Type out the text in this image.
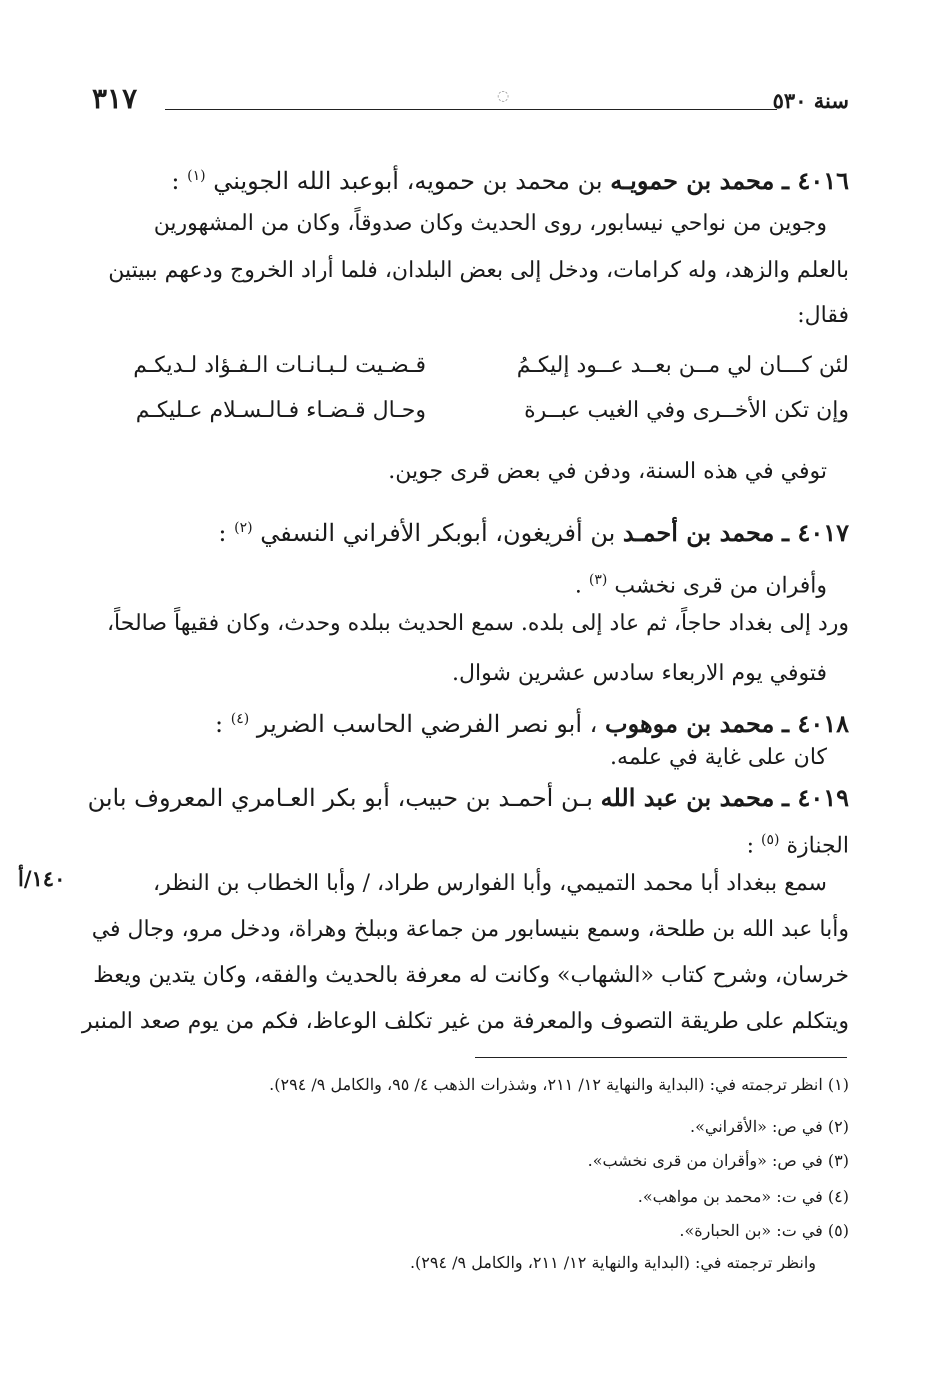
٣١٧	◌	سنة ٥٣٠
٤٠١٦ ـ محمد بن حمويـه بن محمد بن حمويه، أبوعبد الله الجويني $^{(١)}$ :
وجوين من نواحي نيسابور، روى الحديث وكان صدوقاً، وكان من المشهورين
بالعلم والزهد، وله كرامات، ودخل إلى بعض البلدان، فلما أراد الخروج ودعهم ببيتين
فقال:
لئن كـــان لي مــن بعــد عــود إليكـمُ
قـضـيت لـبـانـات الـفـؤاد لـديكـم
وإن تكن الأخــرى وفي الغيب عبــرة
وحـال قـضـاء فـالـسـلام عـليكـم
توفي في هذه السنة، ودفن في بعض قرى جوين.
٤٠١٧ ـ محمد بن أحمـد بن أفريغون، أبوبكر الأفراني النسفي $^{(٢)}$ :
وأفران من قرى نخشب $^{(٣)}$ .
ورد إلى بغداد حاجاً، ثم عاد إلى بلده. سمع الحديث ببلده وحدث، وكان فقيهاً صالحاً،
فتوفي يوم الاربعاء سادس عشرين شوال.
٤٠١٨ ـ محمد بن موهوب ، أبو نصر الفرضي الحاسب الضرير $^{(٤)}$ :
كان على غاية في علمه.
٤٠١٩ ـ محمد بن عبد الله بـن أحمـد بن حبيب، أبو بكر العـامري المعروف بابن
الجنازة $^{(٥)}$ :
١٤٠/أ	سمع ببغداد أبا محمد التميمي، وأبا الفوارس طراد، / وأبا الخطاب بن النظر،
وأبا عبد الله بن طلحة، وسمع بنيسابور من جماعة وببلخ وهراة، ودخل مرو، وجال في
خرسان، وشرح كتاب «الشهاب» وكانت له معرفة بالحديث والفقه، وكان يتدين ويعظ
ويتكلم على طريقة التصوف والمعرفة من غير تكلف الوعاظ، فكم من يوم صعد المنبر
(١) انظر ترجمته في: (البداية والنهاية ١٢/ ٢١١، وشذرات الذهب ٤/ ٩٥، والكامل ٩/ ٢٩٤).
(٢) في ص: «الأقراني».
(٣) في ص: «وأقران من قرى نخشب».
(٤) في ت: «محمد بن مواهب».
(٥) في ت: «بن الحبارة».
وانظر ترجمته في: (البداية والنهاية ١٢/ ٢١١، والكامل ٩/ ٢٩٤).
